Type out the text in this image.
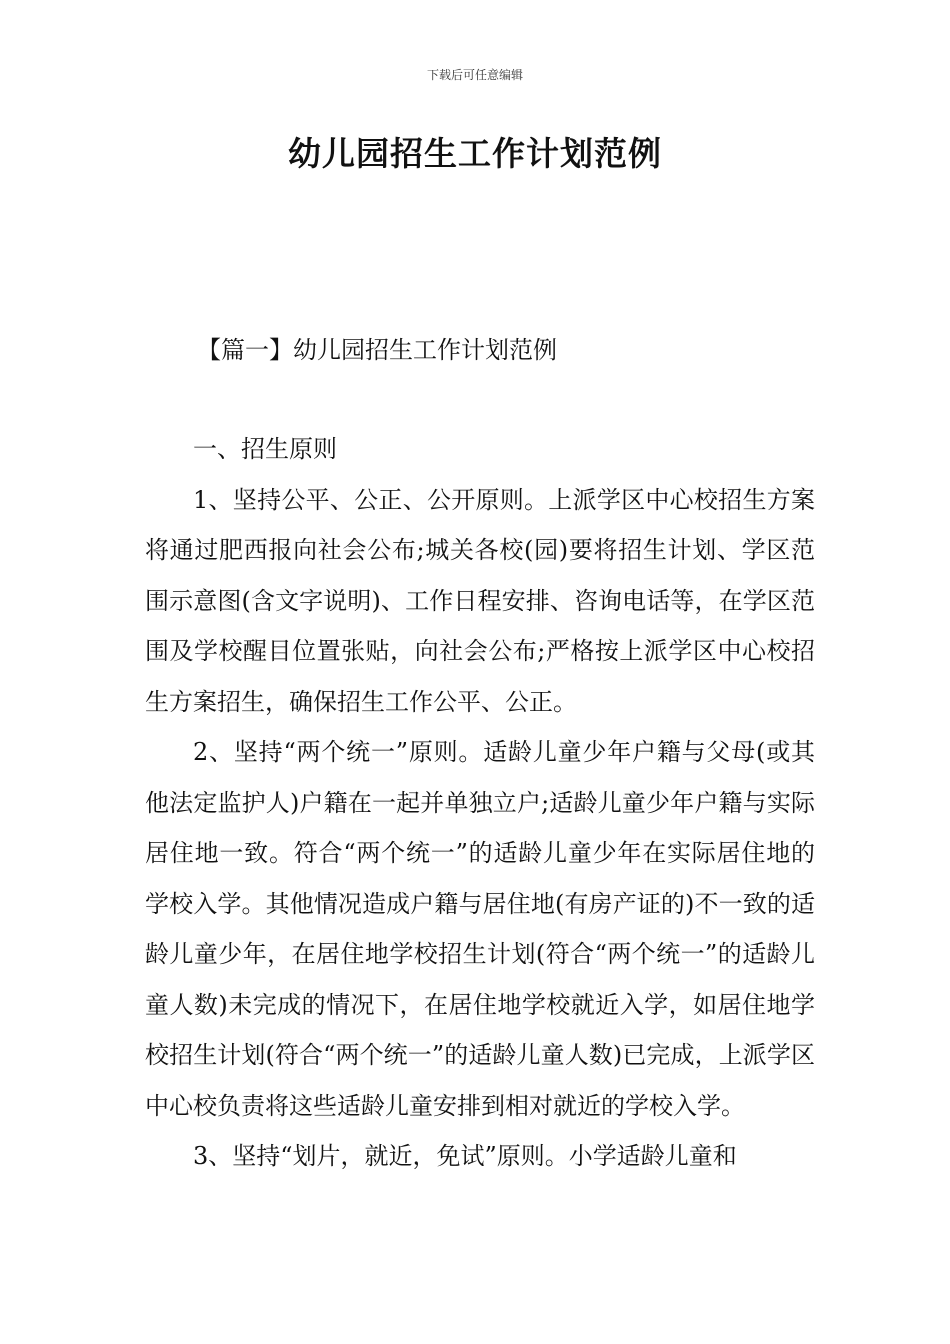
下载后可任意编辑
幼儿园招生工作计划范例
【篇一】幼儿园招生工作计划范例

一、招生原则

1、坚持公平、公正、公开原则。上派学区中心校招生方案将通过肥西报向社会公布;城关各校(园)要将招生计划、学区范围示意图(含文字说明)、工作日程安排、咨询电话等，在学区范围及学校醒目位置张贴，向社会公布;严格按上派学区中心校招生方案招生，确保招生工作公平、公正。

2、坚持“两个统一”原则。适龄儿童少年户籍与父母(或其他法定监护人)户籍在一起并单独立户;适龄儿童少年户籍与实际居住地一致。符合“两个统一”的适龄儿童少年在实际居住地的学校入学。其他情况造成户籍与居住地(有房产证的)不一致的适龄儿童少年，在居住地学校招生计划(符合“两个统一”的适龄儿童人数)未完成的情况下，在居住地学校就近入学，如居住地学校招生计划(符合“两个统一”的适龄儿童人数)已完成，上派学区中心校负责将这些适龄儿童安排到相对就近的学校入学。

3、坚持“划片，就近，免试”原则。小学适龄儿童和
